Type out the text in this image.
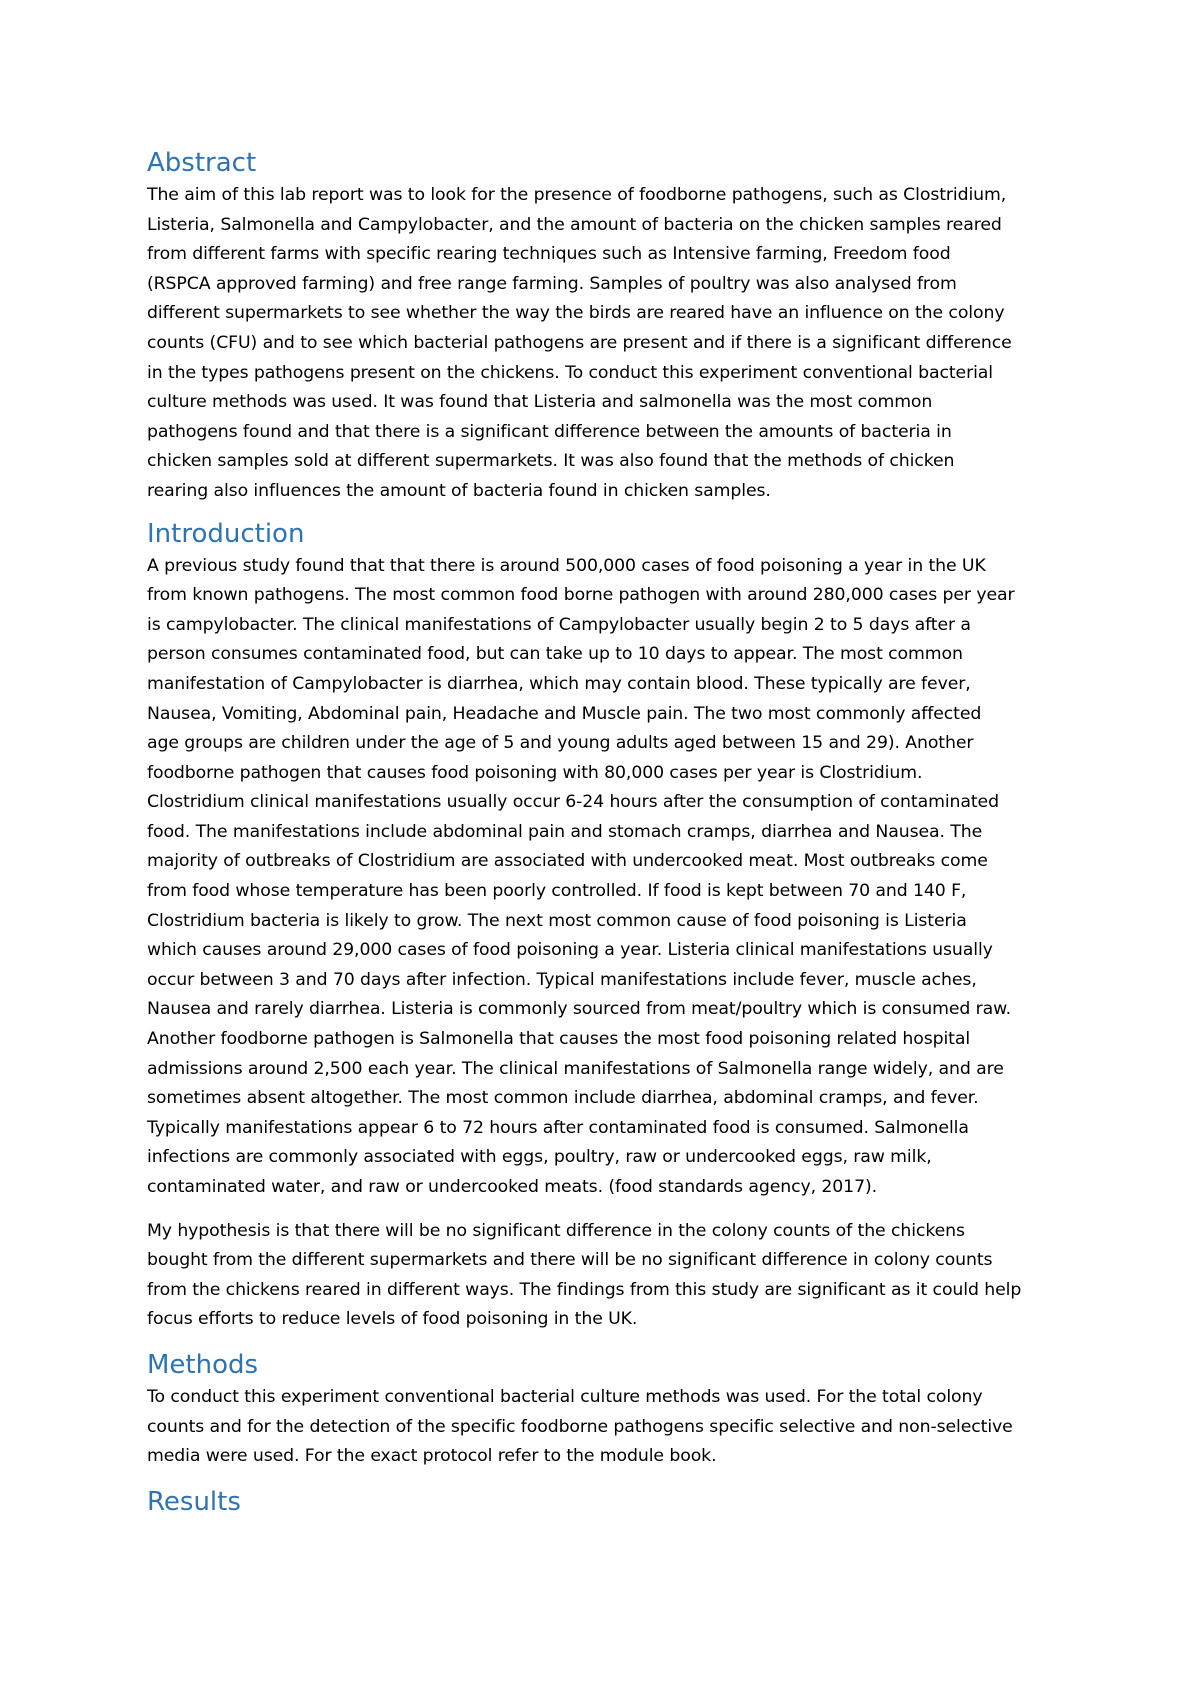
Abstract

The aim of this lab report was to look for the presence of foodborne pathogens, such as Clostridium,
Listeria, Salmonella and Campylobacter, and the amount of bacteria on the chicken samples reared
from different farms with specific rearing techniques such as Intensive farming, Freedom food
(RSPCA approved farming) and free range farming. Samples of poultry was also analysed from
different supermarkets to see whether the way the birds are reared have an influence on the colony
counts (CFU) and to see which bacterial pathogens are present and if there is a significant difference
in the types pathogens present on the chickens. To conduct this experiment conventional bacterial
culture methods was used. It was found that Listeria and salmonella was the most common
pathogens found and that there is a significant difference between the amounts of bacteria in
chicken samples sold at different supermarkets. It was also found that the methods of chicken
rearing also influences the amount of bacteria found in chicken samples.

Introduction

A previous study found that that there is around 500,000 cases of food poisoning a year in the UK
from known pathogens. The most common food borne pathogen with around 280,000 cases per year
is campylobacter. The clinical manifestations of Campylobacter usually begin 2 to 5 days after a
person consumes contaminated food, but can take up to 10 days to appear. The most common
manifestation of Campylobacter is diarrhea, which may contain blood. These typically are fever,
Nausea, Vomiting, Abdominal pain, Headache and Muscle pain. The two most commonly affected
age groups are children under the age of 5 and young adults aged between 15 and 29). Another
foodborne pathogen that causes food poisoning with 80,000 cases per year is Clostridium.
Clostridium clinical manifestations usually occur 6-24 hours after the consumption of contaminated
food. The manifestations include abdominal pain and stomach cramps, diarrhea and Nausea. The
majority of outbreaks of Clostridium are associated with undercooked meat. Most outbreaks come
from food whose temperature has been poorly controlled. If food is kept between 70 and 140 F,
Clostridium bacteria is likely to grow. The next most common cause of food poisoning is Listeria
which causes around 29,000 cases of food poisoning a year. Listeria clinical manifestations usually
occur between 3 and 70 days after infection. Typical manifestations include fever, muscle aches,
Nausea and rarely diarrhea. Listeria is commonly sourced from meat/poultry which is consumed raw.
Another foodborne pathogen is Salmonella that causes the most food poisoning related hospital
admissions around 2,500 each year. The clinical manifestations of Salmonella range widely, and are
sometimes absent altogether. The most common include diarrhea, abdominal cramps, and fever.
Typically manifestations appear 6 to 72 hours after contaminated food is consumed. Salmonella
infections are commonly associated with eggs, poultry, raw or undercooked eggs, raw milk,
contaminated water, and raw or undercooked meats. (food standards agency, 2017).

My hypothesis is that there will be no significant difference in the colony counts of the chickens
bought from the different supermarkets and there will be no significant difference in colony counts
from the chickens reared in different ways. The findings from this study are significant as it could help
focus efforts to reduce levels of food poisoning in the UK.

Methods

To conduct this experiment conventional bacterial culture methods was used. For the total colony
counts and for the detection of the specific foodborne pathogens specific selective and non-selective
media were used. For the exact protocol refer to the module book.

Results
